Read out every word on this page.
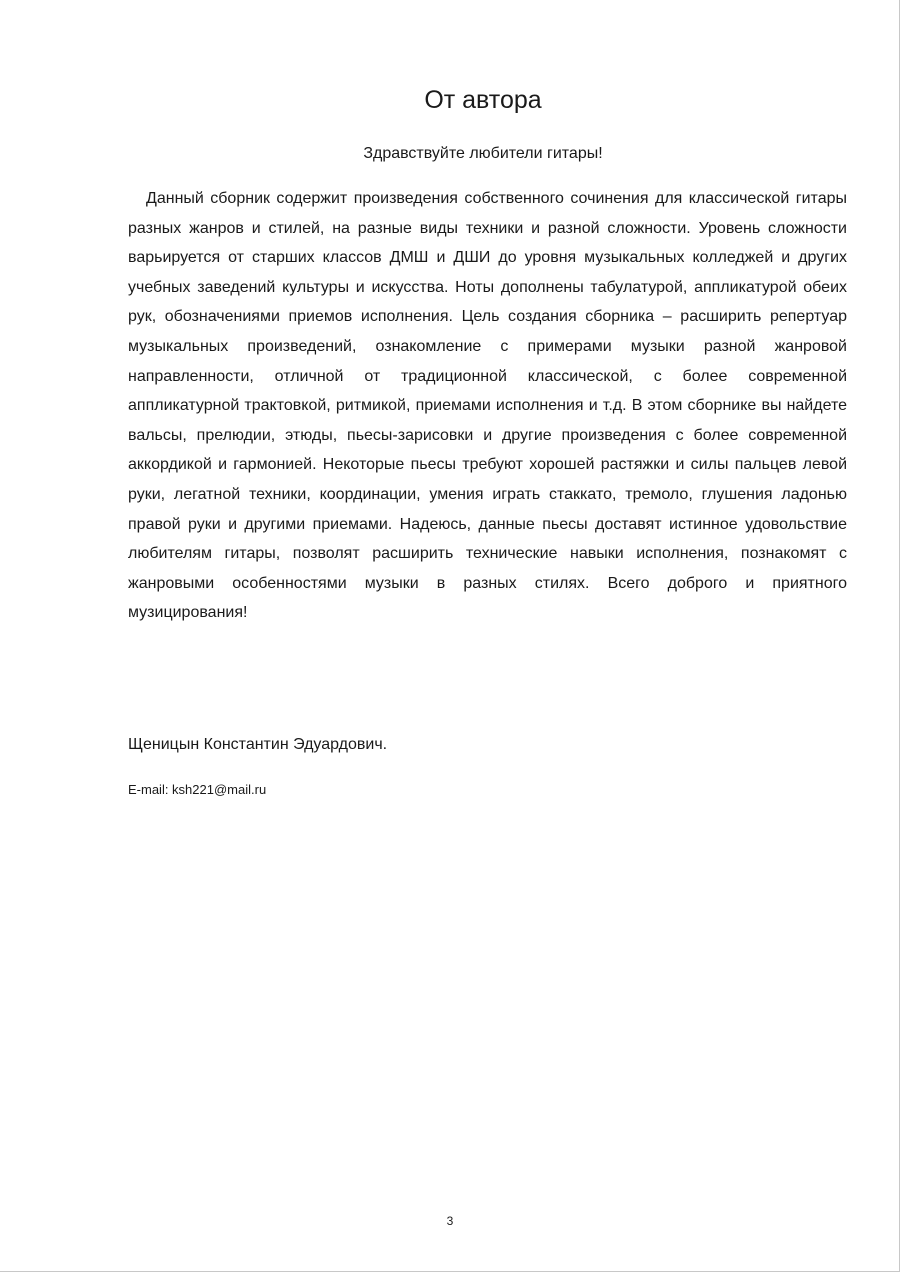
От автора

Здравствуйте любители гитары!

Данный сборник содержит произведения собственного сочинения для классической гитары разных жанров и стилей, на разные виды техники и разной сложности. Уровень сложности варьируется от старших классов ДМШ и ДШИ до уровня музыкальных колледжей и других учебных заведений культуры и искусства. Ноты дополнены табулатурой, аппликатурой обеих рук, обозначениями приемов исполнения. Цель создания сборника – расширить репертуар музыкальных произведений, ознакомление с примерами музыки разной жанровой направленности, отличной от традиционной классической, с более современной аппликатурной трактовкой, ритмикой, приемами исполнения и т.д. В этом сборнике вы найдете вальсы, прелюдии, этюды, пьесы-зарисовки и другие произведения с более современной аккордикой и гармонией. Некоторые пьесы требуют хорошей растяжки и силы пальцев левой руки, легатной техники, координации, умения играть стаккато, тремоло, глушения ладонью правой руки и другими приемами. Надеюсь, данные пьесы доставят истинное удовольствие любителям гитары, позволят расширить технические навыки исполнения, познакомят с жанровыми особенностями музыки в разных стилях. Всего доброго и приятного музицирования!

Щеницын Константин Эдуардович.

E-mail: ksh221@mail.ru

3
